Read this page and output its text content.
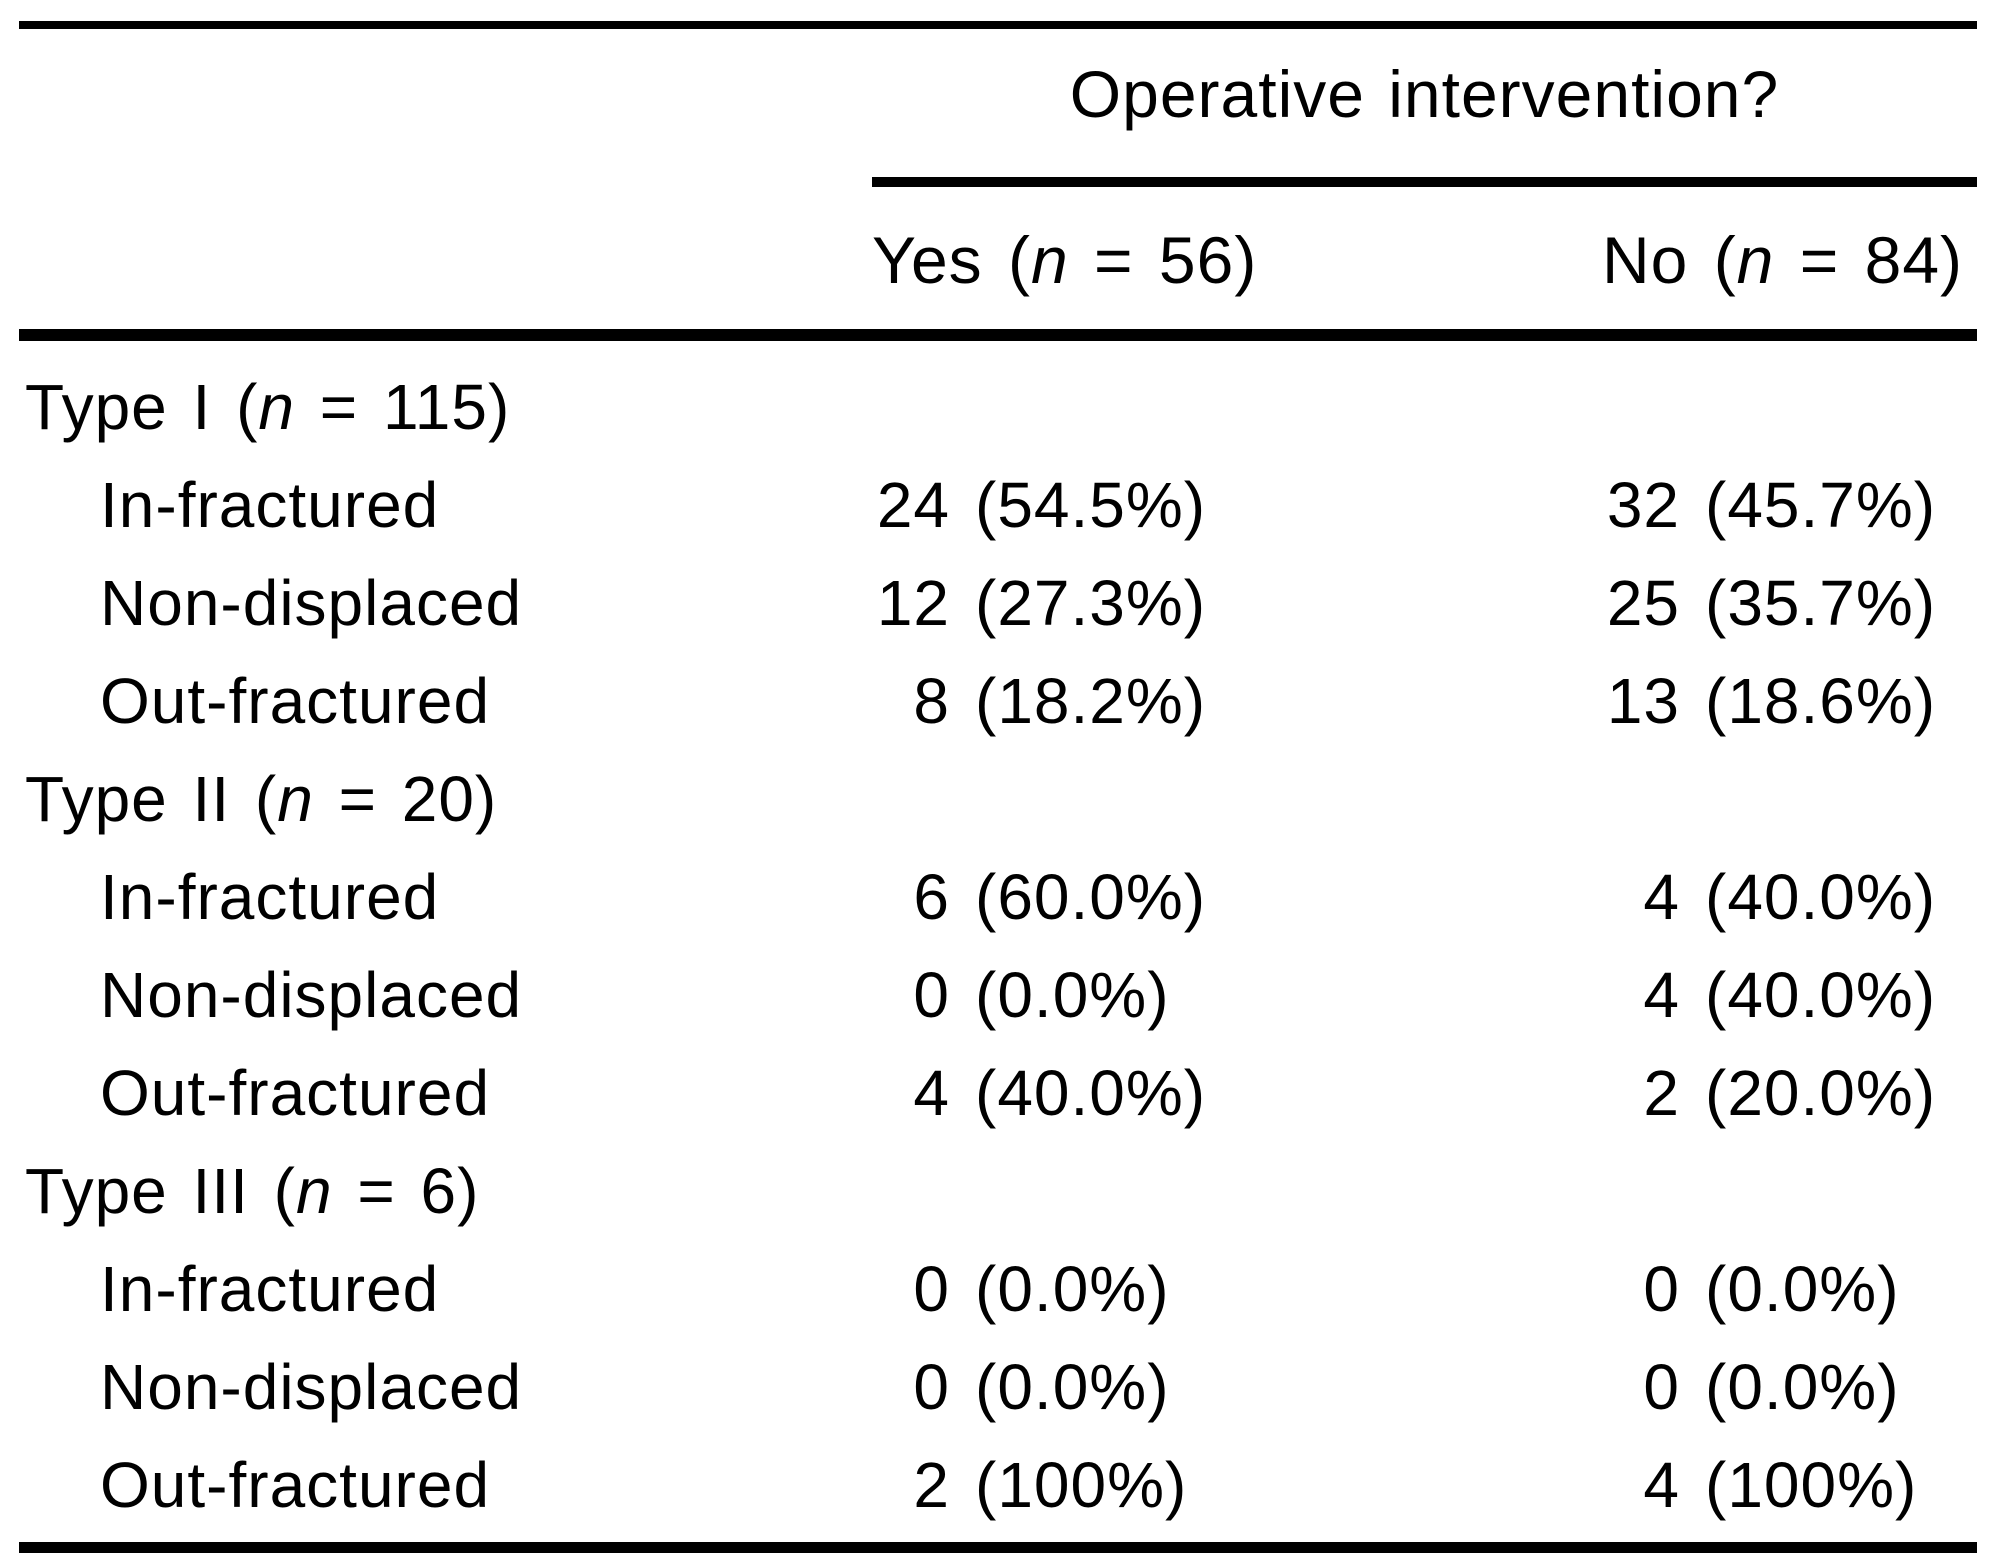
Operative intervention?
Yes (n = 56)	No (n = 84)
Type I (n = 115)
In-fractured	24 (54.5%)	32 (45.7%)
Non-displaced	12 (27.3%)	25 (35.7%)
Out-fractured	8 (18.2%)	13 (18.6%)
Type II (n = 20)
In-fractured	6 (60.0%)	4 (40.0%)
Non-displaced	0 (0.0%)	4 (40.0%)
Out-fractured	4 (40.0%)	2 (20.0%)
Type III (n = 6)
In-fractured	0 (0.0%)	0 (0.0%)
Non-displaced	0 (0.0%)	0 (0.0%)
Out-fractured	2 (100%)	4 (100%)
